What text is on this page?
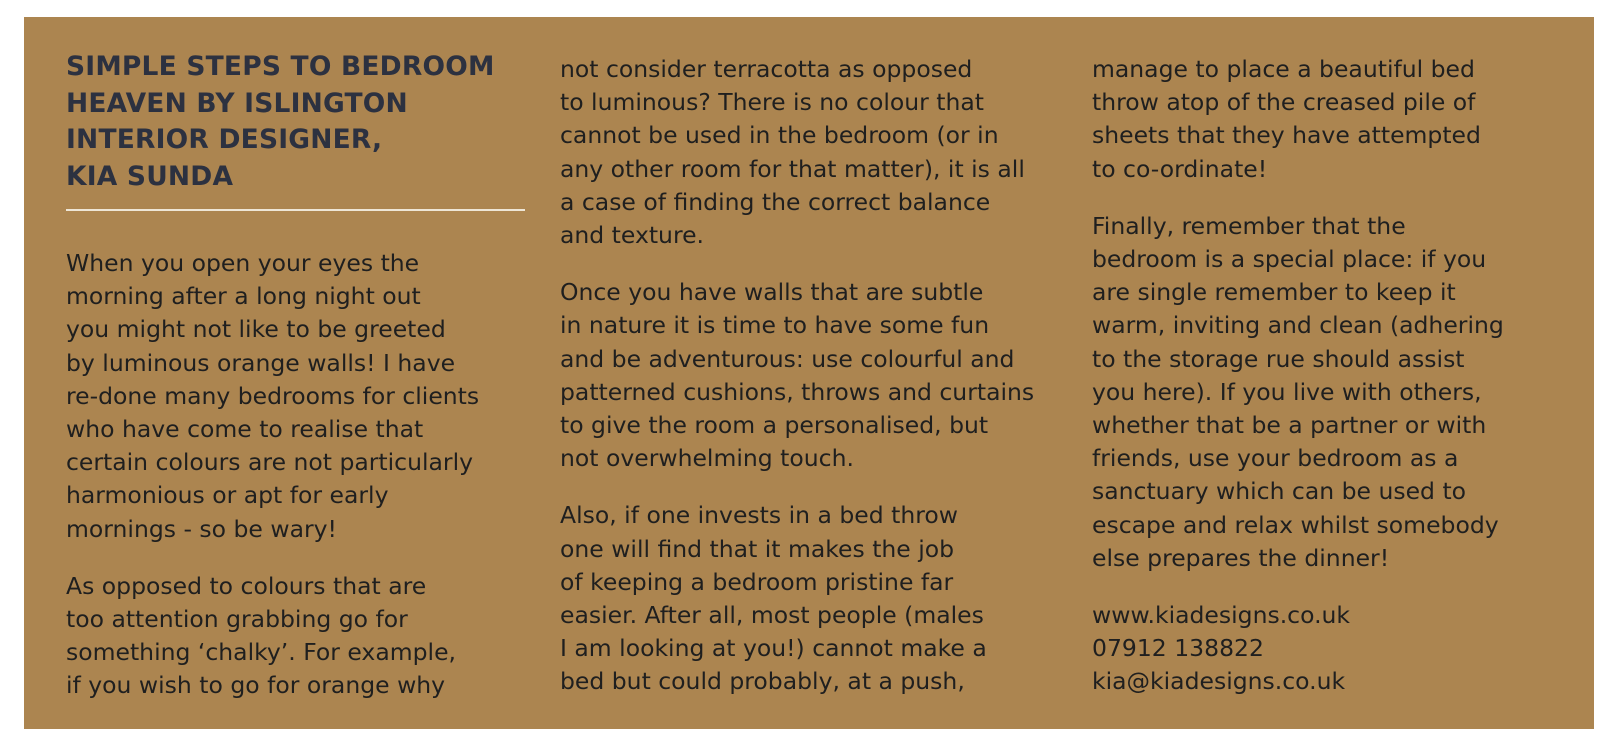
SIMPLE STEPS TO BEDROOM
HEAVEN BY ISLINGTON
INTERIOR DESIGNER,
KIA SUNDA

When you open your eyes the
morning after a long night out
you might not like to be greeted
by luminous orange walls! I have
re-done many bedrooms for clients
who have come to realise that
certain colours are not particularly
harmonious or apt for early
mornings - so be wary!

As opposed to colours that are
too attention grabbing go for
something ‘chalky’. For example,
if you wish to go for orange why

not consider terracotta as opposed
to luminous? There is no colour that
cannot be used in the bedroom (or in
any other room for that matter), it is all
a case of finding the correct balance
and texture.

Once you have walls that are subtle
in nature it is time to have some fun
and be adventurous: use colourful and
patterned cushions, throws and curtains
to give the room a personalised, but
not overwhelming touch.

Also, if one invests in a bed throw
one will find that it makes the job
of keeping a bedroom pristine far
easier. After all, most people (males
I am looking at you!) cannot make a
bed but could probably, at a push,

manage to place a beautiful bed
throw atop of the creased pile of
sheets that they have attempted
to co-ordinate!

Finally, remember that the
bedroom is a special place: if you
are single remember to keep it
warm, inviting and clean (adhering
to the storage rue should assist
you here). If you live with others,
whether that be a partner or with
friends, use your bedroom as a
sanctuary which can be used to
escape and relax whilst somebody
else prepares the dinner!

www.kiadesigns.co.uk
07912 138822
kia@kiadesigns.co.uk
